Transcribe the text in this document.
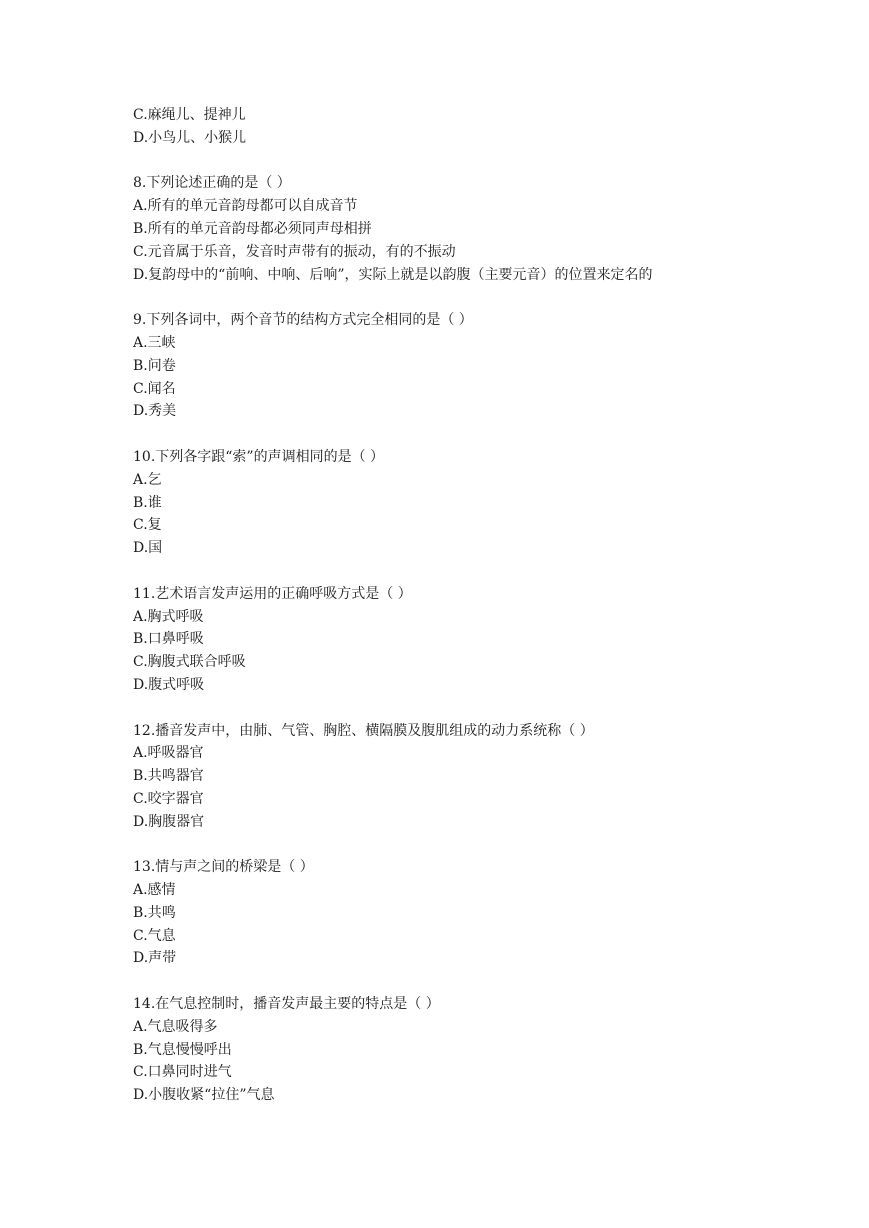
C.麻绳儿、提神儿
D.小鸟儿、小猴儿
8.下列论述正确的是（ ）
A.所有的单元音韵母都可以自成音节
B.所有的单元音韵母都必须同声母相拼
C.元音属于乐音，发音时声带有的振动，有的不振动
D.复韵母中的“前响、中响、后响”，实际上就是以韵腹（主要元音）的位置来定名的
9.下列各词中，两个音节的结构方式完全相同的是（ ）
A.三峡
B.问卷
C.闻名
D.秀美
10.下列各字跟“索”的声调相同的是（ ）
A.乞
B.谁
C.复
D.国
11.艺术语言发声运用的正确呼吸方式是（ ）
A.胸式呼吸
B.口鼻呼吸
C.胸腹式联合呼吸
D.腹式呼吸
12.播音发声中，由肺、气管、胸腔、横隔膜及腹肌组成的动力系统称（ ）
A.呼吸器官
B.共鸣器官
C.咬字器官
D.胸腹器官
13.情与声之间的桥梁是（ ）
A.感情
B.共鸣
C.气息
D.声带
14.在气息控制时，播音发声最主要的特点是（ ）
A.气息吸得多
B.气息慢慢呼出
C.口鼻同时进气
D.小腹收紧“拉住”气息
